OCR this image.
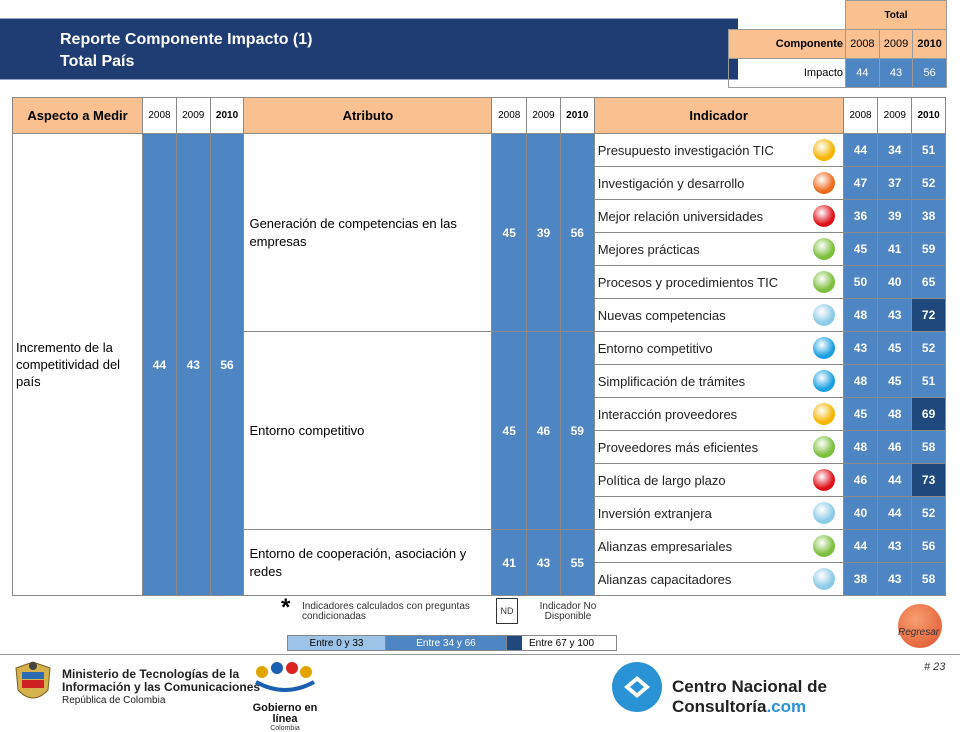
Reporte Componente Impacto (1)
Total País
	Total		
Componente	2008	2009	2010
Impacto	44	43	56
Aspecto a Medir	2008	2009	2010	Atributo	2008	2009	2010	Indicador	2008	2009	2010
Incremento de la competitividad del país	44	43	56	Generación de competencias en las empresas	45	39	56	Presupuesto investigación TIC	44	34	51
								Investigación y desarrollo	47	37	52
								Mejor relación universidades	36	39	38
								Mejores prácticas	45	41	59
								Procesos y procedimientos TIC	50	40	65
								Nuevas competencias	48	43	72
				Entorno competitivo	45	46	59	Entorno competitivo	43	45	52
								Simplificación de trámites	48	45	51
								Interacción proveedores	45	48	69
								Proveedores más eficientes	48	46	58
								Política de largo plazo	46	44	73
								Inversión extranjera	40	44	52
				Entorno de cooperación, asociación y redes	41	43	55	Alianzas empresariales	44	43	56
								Alianzas capacitadores	38	43	58
* Indicadores calculados con preguntas condicionadas	ND	Indicador No Disponible
Entre 0 y 33	Entre 34 y 66	Entre 67 y 100
Regresar
# 23
Ministerio de Tecnologías de la
Información y las Comunicaciones
República de Colombia
Gobierno en línea
Colombia
Centro Nacional de Consultoría.com
